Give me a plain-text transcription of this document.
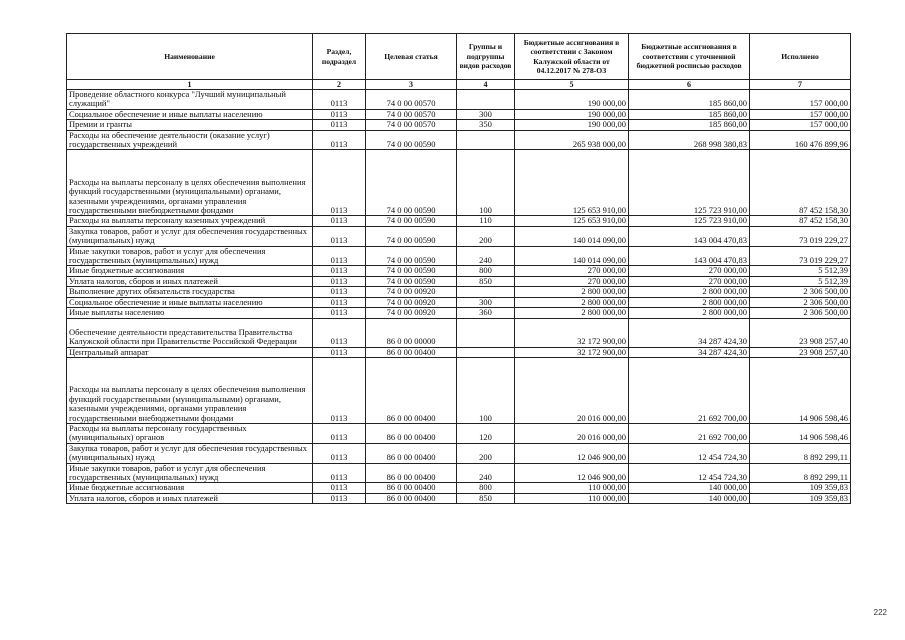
Наименование	Раздел, подраздел	Целевая статья	Группы и подгруппы видов расходов	Бюджетные ассигнования в соответствии с Законом Калужской области от 04.12.2017 № 278-ОЗ	Бюджетные ассигнования в соответствии с уточненной бюджетной росписью расходов	Исполнено
1	2	3	4	5	6	7
Проведение областного конкурса "Лучший муниципальный служащий"	0113	74 0 00 00570		190 000,00	185 860,00	157 000,00
Социальное обеспечение и иные выплаты населению	0113	74 0 00 00570	300	190 000,00	185 860,00	157 000,00
Премии и гранты	0113	74 0 00 00570	350	190 000,00	185 860,00	157 000,00
Расходы на обеспечение деятельности (оказание услуг) государственных учреждений	0113	74 0 00 00590		265 938 000,00	268 998 380,83	160 476 899,96
Расходы на выплаты персоналу в целях обеспечения выполнения функций государственными (муниципальными) органами, казенными учреждениями, органами управления государственными внебюджетными фондами	0113	74 0 00 00590	100	125 653 910,00	125 723 910,00	87 452 158,30
Расходы на выплаты персоналу казенных учреждений	0113	74 0 00 00590	110	125 653 910,00	125 723 910,00	87 452 158,30
Закупка товаров, работ и услуг для обеспечения государственных (муниципальных) нужд	0113	74 0 00 00590	200	140 014 090,00	143 004 470,83	73 019 229,27
Иные закупки товаров, работ и услуг для обеспечения государственных (муниципальных) нужд	0113	74 0 00 00590	240	140 014 090,00	143 004 470,83	73 019 229,27
Иные бюджетные ассигнования	0113	74 0 00 00590	800	270 000,00	270 000,00	5 512,39
Уплата налогов, сборов и иных платежей	0113	74 0 00 00590	850	270 000,00	270 000,00	5 512,39
Выполнение других обязательств государства	0113	74 0 00 00920		2 800 000,00	2 800 000,00	2 306 500,00
Социальное обеспечение и иные выплаты населению	0113	74 0 00 00920	300	2 800 000,00	2 800 000,00	2 306 500,00
Иные выплаты населению	0113	74 0 00 00920	360	2 800 000,00	2 800 000,00	2 306 500,00
Обеспечение деятельности представительства Правительства Калужской области при Правительстве Российской Федерации	0113	86 0 00 00000		32 172 900,00	34 287 424,30	23 908 257,40
Центральный аппарат	0113	86 0 00 00400		32 172 900,00	34 287 424,30	23 908 257,40
Расходы на выплаты персоналу в целях обеспечения выполнения функций государственными (муниципальными) органами, казенными учреждениями, органами управления государственными внебюджетными фондами	0113	86 0 00 00400	100	20 016 000,00	21 692 700,00	14 906 598,46
Расходы на выплаты персоналу государственных (муниципальных) органов	0113	86 0 00 00400	120	20 016 000,00	21 692 700,00	14 906 598,46
Закупка товаров, работ и услуг для обеспечения государственных (муниципальных) нужд	0113	86 0 00 00400	200	12 046 900,00	12 454 724,30	8 892 299,11
Иные закупки товаров, работ и услуг для обеспечения государственных (муниципальных) нужд	0113	86 0 00 00400	240	12 046 900,00	12 454 724,30	8 892 299,11
Иные бюджетные ассигнования	0113	86 0 00 00400	800	110 000,00	140 000,00	109 359,83
Уплата налогов, сборов и иных платежей	0113	86 0 00 00400	850	110 000,00	140 000,00	109 359,83
222
